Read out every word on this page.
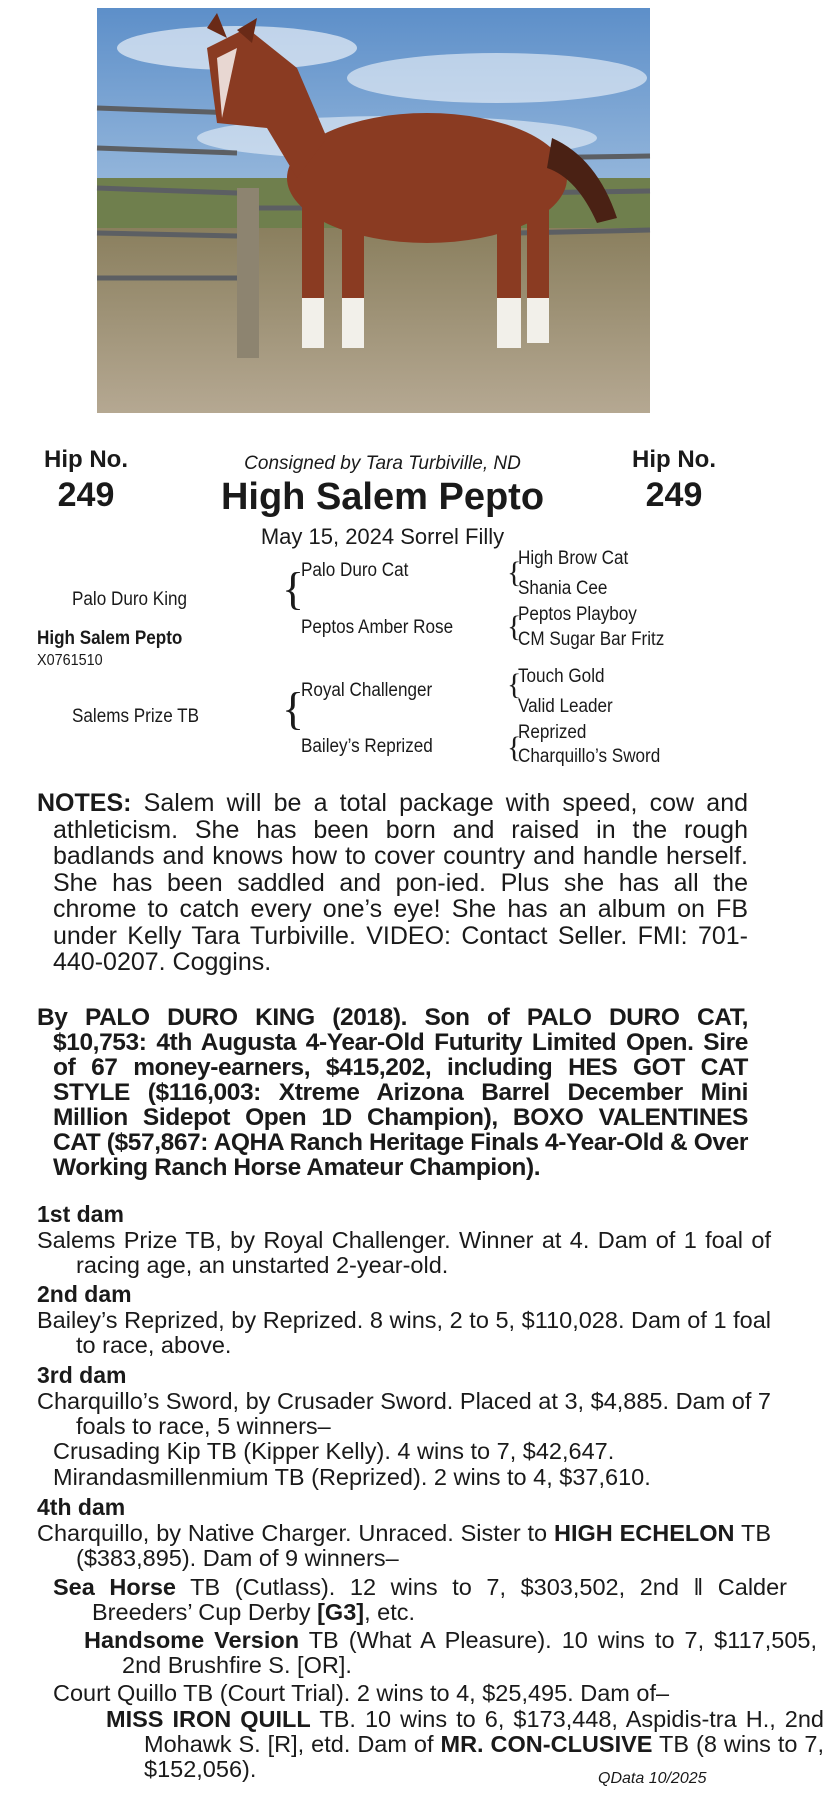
Hip No.
249
Hip No.
249
Consigned by Tara Turbiville, ND
High Salem Pepto
May 15, 2024 Sorrel Filly
Palo Duro King
High Salem Pepto
X0761510
Salems Prize TB
{
Palo Duro Cat
Peptos Amber Rose
{
Royal Challenger
Bailey’s Reprized
{
High Brow Cat
Shania Cee
{
Peptos Playboy
CM Sugar Bar Fritz
{
Touch Gold
Valid Leader
{
Reprized
Charquillo’s Sword
NOTES: Salem will be a total package with speed, cow and athleticism. She has been born and raised in the rough badlands and knows how to cover country and handle herself. She has been saddled and pon-ied. Plus she has all the chrome to catch every one’s eye! She has an album on FB under Kelly Tara Turbiville. VIDEO: Contact Seller. FMI: 701-440-0207. Coggins.
By PALO DURO KING (2018). Son of PALO DURO CAT, $10,753: 4th Augusta 4-Year-Old Futurity Limited Open. Sire of 67 money-earners, $415,202, including HES GOT CAT STYLE ($116,003: Xtreme Arizona Barrel December Mini Million Sidepot Open 1D Champion), BOXO VALENTINES CAT ($57,867: AQHA Ranch Heritage Finals 4-Year-Old & Over Working Ranch Horse Amateur Champion).
1st dam
Salems Prize TB, by Royal Challenger. Winner at 4. Dam of 1 foal of racing age, an unstarted 2-year-old.
2nd dam
Bailey’s Reprized, by Reprized. 8 wins, 2 to 5, $110,028. Dam of 1 foal to race, above.
3rd dam
Charquillo’s Sword, by Crusader Sword. Placed at 3, $4,885. Dam of 7 foals to race, 5 winners–
Crusading Kip TB (Kipper Kelly). 4 wins to 7, $42,647.
Mirandasmillenmium TB (Reprized). 2 wins to 4, $37,610.
4th dam
Charquillo, by Native Charger. Unraced. Sister to HIGH ECHELON TB ($383,895). Dam of 9 winners–
Sea Horse TB (Cutlass). 12 wins to 7, $303,502, 2nd ‖ Calder Breeders’ Cup Derby [G3], etc.
Handsome Version TB (What A Pleasure). 10 wins to 7, $117,505, 2nd Brushfire S. [OR].
Court Quillo TB (Court Trial). 2 wins to 4, $25,495. Dam of–
MISS IRON QUILL TB. 10 wins to 6, $173,448, Aspidis-tra H., 2nd Mohawk S. [R], etd. Dam of MR. CON-CLUSIVE TB (8 wins to 7, $152,056).	QData 10/2025
